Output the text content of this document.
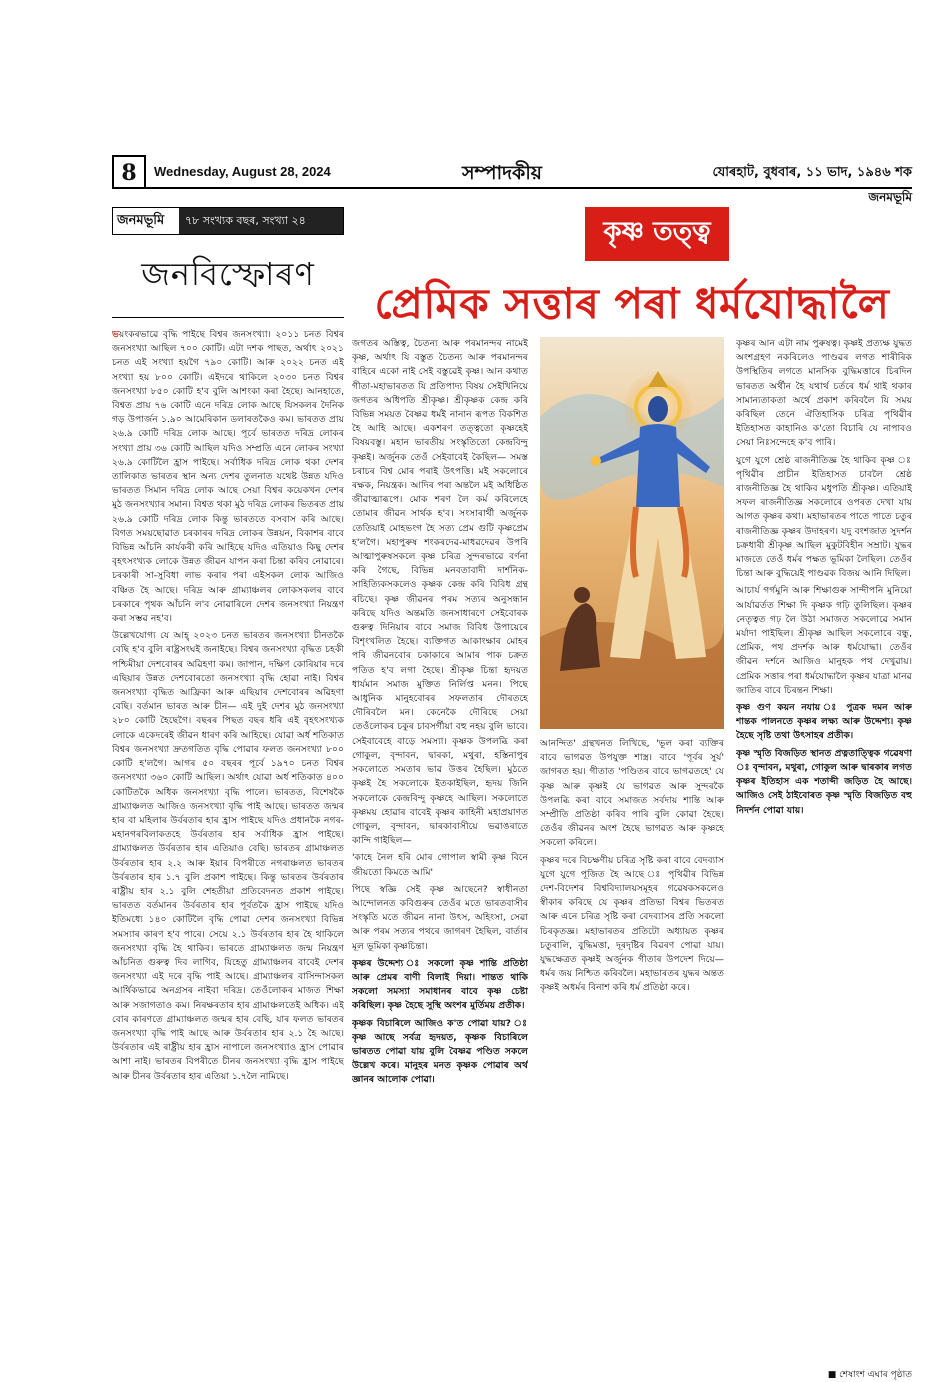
8	Wednesday, August 28, 2024	সম্পাদকীয়	যোৰহাট, বুধবাৰ, ১১ ভাদ, ১৯৪৬ শক
জনমভূমি
জনমভূমি	৭৮ সংখ্যক বছৰ, সংখ্যা ২৪
জনবিস্ফোৰণ

ভয়ংকৰভাৱে বৃদ্ধি পাইছে বিশ্বৰ জনসংখ্যা। ২০১১ চনত বিশ্বৰ জনসংখ্যা আছিল ৭০০ কোটি। এটা দশক পাছত, অৰ্থাৎ ২০২১ চনত এই সংখ্যা হয়গৈ ৭৯০ কোটি। আৰু ২০২২ চনত এই সংখ্যা হয় ৮০০ কোটি। এইদৰে থাকিলে ২০৩০ চনত বিশ্বৰ জনসংখ্যা ৮৫০ কোটি হ'ব বুলি আশংকা কৰা হৈছে। আনহাতে, বিশ্বত প্ৰায় ৭৬ কোটি এনে দৰিদ্ৰ লোক আছে যিসকলৰ দৈনিক গড় উপাৰ্জন ১.৯০ আমেৰিকান ডলাৰতকৈও কম। ভাৰতত প্ৰায় ২৬.৯ কোটি দৰিদ্ৰ লোক আছে। পূৰ্বে ভাৰতত দৰিদ্ৰ লোকৰ সংখ্যা প্ৰায় ৩৬ কোটি আছিল যদিও সম্প্ৰতি এনে লোকৰ সংখ্যা ২৬.৯ কোটিলৈ হ্ৰাস পাইছে। সৰ্বাধিক দৰিদ্ৰ লোক থকা দেশৰ তালিকাত ভাৰতৰ স্থান অন্য দেশৰ তুলনাত যথেষ্ট উন্নত যদিও ভাৰতত সিমান দৰিদ্ৰ লোক আছে সেয়া বিশ্বৰ কয়েকখন দেশৰ মুঠ জনসংখ্যাৰ সমান। বিশ্বত থকা মুঠ দৰিদ্ৰ লোকৰ ভিতৰত প্ৰায় ২৬.৯ কোটি দৰিদ্ৰ লোক কিন্তু ভাৰততে বসবাস কৰি আছে। বিগত সময়ছোৱাত চৰকাৰৰ দৰিদ্ৰ লোকৰ উন্নয়ন, বিকাশৰ বাবে বিভিন্ন আঁচনি কাৰ্যকৰী কৰি আহিছে যদিও এতিয়াও কিছু দেশৰ বৃহৎসংখ্যক লোকে উন্নত জীৱন যাপন কৰা চিন্তা কৰিব নোৱাৰে। চৰকাৰী সা-সুবিধা লাভ কৰাৰ পৰা এইসকল লোক আজিও বঞ্চিত হৈ আছে। দৰিদ্ৰ আৰু গ্ৰাম্যাঞ্চলৰ লোকসকলৰ বাবে চৰকাৰে পৃথক আঁচনি ল'ব নোৱাৰিলে দেশৰ জনসংখ্যা নিয়ন্ত্ৰণ কৰা সম্ভৱ নহ'ব।

উল্লেখযোগ্য যে আহ্ ২০২৩ চনত ভাৰতৰ জনসংখ্যা চীনতকৈ বেছি হ'ব বুলি ৰাষ্ট্ৰসংঘই জনাইছে। বিশ্বৰ জনসংখ্যা বৃদ্ধিত চহকী পশ্চিমীয়া দেশবোৰৰ অৱিহণা কম। জাপান, দক্ষিণ কোৰিয়াৰ দৰে এছিয়াৰ উন্নত দেশবোৰতো জনসংখ্যা বৃদ্ধি হোৱা নাই। বিশ্বৰ জনসংখ্যা বৃদ্ধিত আফ্ৰিকা আৰু এছিয়াৰ দেশবোৰৰ অৱিহণা বেছি। বৰ্তমান ভাৰত আৰু চীন— এই দুই দেশৰ মুঠ জনসংখ্যা ২৮০ কোটি হৈছেগৈ। বছৰৰ পিছত বছৰ ধৰি এই বৃহৎসংখ্যক লোকে একেদৰেই জীৱন ধাৰণ কৰি আহিছে। যোৱা অৰ্ধ শতিকাত বিশ্বৰ জনসংখ্যা দ্ৰুতগতিত বৃদ্ধি পোৱাৰ ফলত জনসংখ্যা ৮০০ কোটি হ'লগৈ। আগৰ ৫০ বছৰৰ পূৰ্বে ১৯৭০ চনত বিশ্বৰ জনসংখ্যা ৩৬০ কোটি আছিল। অৰ্থাৎ যোৱা অৰ্ধ শতিকাত ৪০০ কোটিতকৈ অধিক জনসংখ্যা বৃদ্ধি পালে। ভাৰতত, বিশেষকৈ গ্ৰাম্যাঞ্চলত আজিও জনসংখ্যা বৃদ্ধি পাই আছে। ভাৰতত জন্মৰ হাৰ বা মহিলাৰ উৰ্বৰতাৰ হাৰ হ্ৰাস পাইছে যদিও প্ৰধানকৈ নগৰ-মহানগৰবিলাকতহে উৰ্বৰতাৰ হাৰ সৰ্বাধিক হ্ৰাস পাইছে। গ্ৰাম্যাঞ্চলত উৰ্বৰতাৰ হাৰ এতিয়াও বেছি। ভাৰতৰ গ্ৰামাঞ্চলত উৰ্বৰতাৰ হাৰ ২.২ আৰু ইয়াৰ বিপৰীতে নগৰাঞ্চলত ভাৰতৰ উৰ্বৰতাৰ হাৰ ১.৭ বুলি প্ৰকাশ পাইছে। কিন্তু ভাৰতৰ উৰ্বৰতাৰ ৰাষ্ট্ৰীয় হাৰ ২.১ বুলি শেহতীয়া প্ৰতিবেদনত প্ৰকাশ পাইছে। ভাৰতত বৰ্তমানৰ উৰ্বৰতাৰ হাৰ পূৰ্বতকৈ হ্ৰাস পাইছে যদিও ইতিমধ্যে ১৪০ কোটিলৈ বৃদ্ধি পোৱা দেশৰ জনসংখ্যা বিভিন্ন সমস্যাৰ কাৰণ হ'ব পাৰে। সেয়ে ২.১ উৰ্বৰতাৰ হাৰ হৈ থাকিলে জনসংখ্যা বৃদ্ধি হৈ থাকিব। ভাৰতে গ্ৰাম্যাঞ্চলত জন্ম নিয়ন্ত্ৰণ আঁচনিত গুৰুত্ব দিব লাগিব, যিহেতু গ্ৰাম্যাঞ্চলৰ বাবেই দেশৰ জনসংখ্যা এই দৰে বৃদ্ধি পাই আছে। গ্ৰাম্যাঞ্চলৰ বাসিন্দাসকল আৰ্থিকভাৱে অনগ্ৰসৰ নাইবা দৰিদ্ৰ। তেওঁলোকৰ মাজত শিক্ষা আৰু সজাগতাও কম। নিৰক্ষৰতাৰ হাৰ গ্ৰামাঞ্চলতেই অধিক। এই বোৰ কাৰণতে গ্ৰাম্যাঞ্চলত জন্মৰ হাৰ বেছি, যাৰ ফলত ভাৰতৰ জনসংখ্যা বৃদ্ধি পাই আছে আৰু উৰ্বৰতাৰ হাৰ ২.১ হৈ আছে। উৰ্বৰতাৰ এই ৰাষ্ট্ৰীয় হাৰ হ্ৰাস নাপালে জনসংখ্যাও হ্ৰাস পোৱাৰ আশা নাই। ভাৰতৰ বিপৰীতে চীনৰ জনসংখ্যা বৃদ্ধি হ্ৰাস পাইছে আৰু চীনৰ উৰ্বৰতাৰ হাৰ এতিয়া ১.৭লৈ নামিছে।

কৃষ্ণ তত্ত্ব
প্ৰেমিক সত্তাৰ পৰা ধৰ্মযোদ্ধালৈ

জগতৰ অস্তিত্ব, চৈতন্য আৰু পৰমানন্দৰ নামেই কৃষ্ণ, অৰ্থাৎ যি বস্তুত চৈতন্য আৰু পৰমানন্দৰ বাহিৰে একো নাই সেই বস্তুৱেই কৃষ্ণ। আন কথাত গীতা-মহাভাৰতত যি প্ৰতিপাদ্য বিষয় সেইখিনিয়ে জগতৰ অধিপতি শ্ৰীকৃষ্ণ। শ্ৰীকৃষ্ণক কেন্দ্ৰ কৰি বিভিন্ন সময়ত বৈষ্ণৱ ধৰ্মই নানান ৰূপত বিকশিত হৈ আহি আছে। একশৰণ তত্ত্বতো কৃষ্ণহেই বিষয়বস্তু। মহান ভাৰতীয় সংস্কৃতিতো কেন্দ্ৰবিন্দু কৃষ্ণই। অৰ্জুনক তেওঁ সেইবাবেই কৈছিল— সমস্ত চৰাচৰ বিশ্ব মোৰ পৰাই উৎপত্তি। মই সকলোৰে ৰক্ষক, নিয়ন্ত্ৰক। আদিৰ পৰা অন্তলৈ মই অধিষ্ঠিত জীৱাত্মাৰূপে। মোক শৰণ লৈ কৰ্ম কৰিলেহে তোমাৰ জীৱন সাৰ্থক হ'ব। সংসাৰাৰ্থী অৰ্জুনক তেতিয়াই মোহভংগ হৈ সত্য প্ৰেম গুটি কৃষ্ণপ্ৰেম হ'লগৈ। মহাপুৰুষ শংকৰদেৱ-মাধৱদেৱৰ উপৰি আত্মাপুৰুষসকলে কৃষ্ণ চৰিত্ৰ সুন্দৰভাৱে বৰ্ণনা কৰি গৈছে, বিভিন্ন মনবতাবাদী দাৰ্শনিক- সাহিত্যিকসকলেও কৃষ্ণক কেন্দ্ৰ কৰি বিবিধ গ্ৰন্থ ৰচিছে। কৃষ্ণ জীৱনৰ পৰম সত্যৰ অনুসন্ধান কৰিছে যদিও অন্তমতি জনসাধাৰণে সেইবোৰক গুৰুত্ব দিনিয়াৰ বাবে সমাজ বিবিধ উপায়েৰে বিশৃংখলিত হৈছে। ব্যক্তিগত আকাংক্ষাৰ মোহৰ পৰি জীৱনবোৰ চকাকাৰে আমাৰ পাক চক্ৰত পতিত হ'ব লগা হৈছে। শ্ৰীকৃষ্ণ চিন্তা হৃদয়ত ধাৰ্যমান সমাজ মুক্তিত নিৰ্লিপ্ত মনন। পিছে আধুনিক মানুহবোৰৰ সফলতাৰ দৌৰতহে দৌৰিবলৈ মন। কেনেকৈ দৌৰিছে সেয়া তেওঁলোকৰ চকুৰ চাবসৰ্গীয়া বহু নহয় বুলি ভাবে। সেইবাবেহে বাড়ে সমস্যা। কৃষ্ণক উপলব্ধি কৰা গোকুল, বৃন্দাবন, দ্বাৰকা, মথুৰা, হস্তিনাপুৰ সকলোতে সমতাৰ ভাৱ উত্তৰ হৈছিল। মুঠতে কৃষ্ণই হৈ সকলোকে ইতকাইছিল, হৃদয় জিনি সকলোকে কেন্দ্ৰবিন্দু কৃষ্ণহে আছিল। সকলোতে কৃষ্ণময় হোৱাৰ বাবেই কৃষ্ণৰ কাহিনী মহাপ্ৰয়াণত গোকুল, বৃন্দাবন, দ্বাৰকাবাসীয়ে ভৱাঙৰাতে কান্দি গাইছিল—

'কাহে নৈল হৰি মোৰ গোপাল স্বামী কৃষ্ণ বিনে জীয়তো কিমতে আমি'

পিছে স্বজ্ঞি সেই কৃষ্ণ আছেনে? স্বাধীনতা আন্দোলনত কবিগুৰুৰ তেওঁৰ মতে ভাৰতবাসীৰ সংস্কৃতি মতে জীৱন নানা উৎস, অহিংসা, সেৱা আৰু পৰম সত্যৰ পথৰে জাগৰণ হৈছিল, বাৰ্তাৰ মূল ভূমিকা কৃষ্ণচিন্তা।

কৃষ্ণৰ উদ্দেশ্য ঃ সকলো কৃষ্ণ শান্তি প্ৰতিষ্ঠা আৰু প্ৰেমৰ বাণী বিলাই দিয়া। শান্তত থাকি সকলো সমস্যা সমাধানৰ বাবে কৃষ্ণ চেষ্টা কৰিছিল। কৃষ্ণ হৈছে সুস্থি অংশৰ মুৰ্তিময় প্ৰতীক।

কৃষ্ণক বিচাৰিলে আজিও ক'ত পোৱা যায়? ঃ কৃষ্ণ আছে সৰ্বত্ৰ হৃদয়ত, কৃষ্ণক বিচাৰিলে ভাৰতত পোৱা যায় বুলি বৈষ্ণৱ পণ্ডিত সকলে উল্লেখ কৰে। মানুহৰ মনত কৃষ্ণক পোৱাৰ অৰ্থ জ্ঞানৰ আলোক পোৱা।

আনন্দিত' গ্ৰন্থখনত লিখিছে, 'ভূল কৰা ব্যক্তিৰ বাবে ভাগৱত উপযুক্ত শাস্ত্ৰ। বাবে 'পূৰ্বৰ সুৰ্য' জাগৰত হয়। গীতাত 'পণ্ডিতৰ বাবে ভাগৱতহে' যে কৃষ্ণ আৰু কৃষ্ণই যে ভাগৱত আৰু সুন্দৰকৈ উপলব্ধি কৰা বাবে সমাজত সৰ্বদায় শান্তি আৰু সম্প্ৰীতি প্ৰতিষ্ঠা কৰিব পাৰি বুলি কোৱা হৈছে। তেওঁৰ জীৱনৰ অংশ হৈছে ভাগৱত আৰু কৃষ্ণহে সকলো কৰিলে।

কৃষ্ণৰ দৰে বিচক্ষণীয় চৰিত্ৰ সৃষ্টি কৰা বাবে বেদব্যাস যুগে যুগে পূজিত হৈ আছে ঃ পৃথিৱীৰ বিভিন্ন দেশ-বিদেশৰ বিশ্ববিদ্যালয়সমূহৰ গৱেষকসকলেও স্বীকাৰ কৰিছে যে কৃষ্ণৰ প্ৰতিভা বিশ্বৰ ভিতৰত আৰু এনে চৰিত্ৰ সৃষ্টি কৰা বেদব্যাসৰ প্ৰতি সকলো চিৰকৃতজ্ঞ। মহাভাৰতৰ প্ৰতিটো অধ্যায়ত কৃষ্ণৰ চতুৰালি, বুদ্ধিমত্তা, দূৰদৃষ্টিৰ বিৱৰণ পোৱা যায়। যুদ্ধক্ষেত্ৰত কৃষ্ণই অৰ্জুনক গীতাৰ উপদেশ দিয়ে— ধৰ্মৰ জয় নিশ্চিত কৰিবলৈ। মহাভাৰতৰ যুদ্ধৰ অন্তত কৃষ্ণই অধৰ্মৰ বিনাশ কৰি ধৰ্ম প্ৰতিষ্ঠা কৰে।

কৃষ্ণৰ আন এটা নাম পুৰুষত্ব। কৃষ্ণই প্ৰত্যক্ষ যুদ্ধত অংশগ্ৰহণ নকৰিলেও পাণ্ডৱৰ লগত শাৰীৰিক উপস্থিতিৰ লগতে মানসিক বুদ্ধিমত্তাৰে চিৰদিন ভাৰতত অৰ্থীন হৈ যথাৰ্থ চৰ্তৰে ধৰ্ম থাই থকাৰ সামান্যতাকতা অৰ্থে প্ৰকাশ কৰিবলৈ যি সময় কৰিছিল তেনে ঐতিহাসিক চৰিত্ৰ পৃথিৱীৰ ইতিহাসত কাহানিও ক'তো বিচাৰি যে নাপাবও সেয়া নিঃসন্দেহে ক'ব পাৰি।

যুগে যুগে শ্ৰেষ্ঠ ৰাজনীতিজ্ঞ হৈ থাকিব কৃষ্ণ ঃ পৃথিৱীৰ প্ৰাচীন ইতিহাসত চাবলৈ শ্ৰেষ্ঠ ৰাজনীতিজ্ঞ হৈ থাকিব মধুপতি শ্ৰীকৃষ্ণ। এতিয়াই সফল ৰাজনীতিজ্ঞ সকলোৰে ওপৰত দেখা যায় আগত কৃষ্ণৰ কথা। মহাভাৰতৰ পাতে পাতে চতুৰ ৰাজনীতিজ্ঞ কৃষ্ণৰ উদাহৰণ। যদু বংশজাত সুদৰ্শন চক্ৰধাৰী শ্ৰীকৃষ্ণ আছিল মুকুটবিহীন সম্ৰাট। যুদ্ধৰ মাজতে তেওঁ ধৰ্মৰ পক্ষত ভূমিকা লৈছিল। তেওঁৰ চিন্তা আৰু বুদ্ধিয়েই পাণ্ডৱক বিজয় আনি দিছিল।

আচাৰ্য গৰ্গমুনি আৰু শিক্ষাগুৰু সান্দীপনি মুনিয়ো আৰ্যাৱৰ্তত শিক্ষা দি কৃষ্ণক গঢ়ি তুলিছিল। কৃষ্ণৰ নেতৃত্বত গঢ় লৈ উঠা সমাজত সকলোৱে সমান মৰ্যাদা পাইছিল। শ্ৰীকৃষ্ণ আছিল সকলোৰে বন্ধু, প্ৰেমিক, পথ প্ৰদৰ্শক আৰু ধৰ্মযোদ্ধা। তেওঁৰ জীৱন দৰ্শনে আজিও মানুহক পথ দেখুৱায়। প্ৰেমিক সত্তাৰ পৰা ধৰ্মযোদ্ধালৈ কৃষ্ণৰ যাত্ৰা মানৱ জাতিৰ বাবে চিৰন্তন শিক্ষা।

কৃষ্ণ গুণ কয়ন নযায় ঃ পুত্ৰক দমন আৰু শান্তক পালনতে কৃষ্ণৰ লক্ষ্য আৰু উদ্দেশ্য। কৃষ্ণ হৈছে সৃষ্টি তথা উৎসাহৰ প্ৰতীক।

কৃষ্ণ স্মৃতি বিজড়িত স্থানত প্ৰত্নতাত্ত্বিক গৱেষণা ঃ বৃন্দাবন, মথুৰা, গোকুল আৰু দ্বাৰকাৰ লগত কৃষ্ণৰ ইতিহাস এক শতাব্দী জড়িত হৈ আছে। আজিও সেই ঠাইবোৰত কৃষ্ণ স্মৃতি বিজড়িত বহু নিদৰ্শন পোৱা যায়।

■ শেষাংশ এঘাৰ পৃষ্ঠাত
